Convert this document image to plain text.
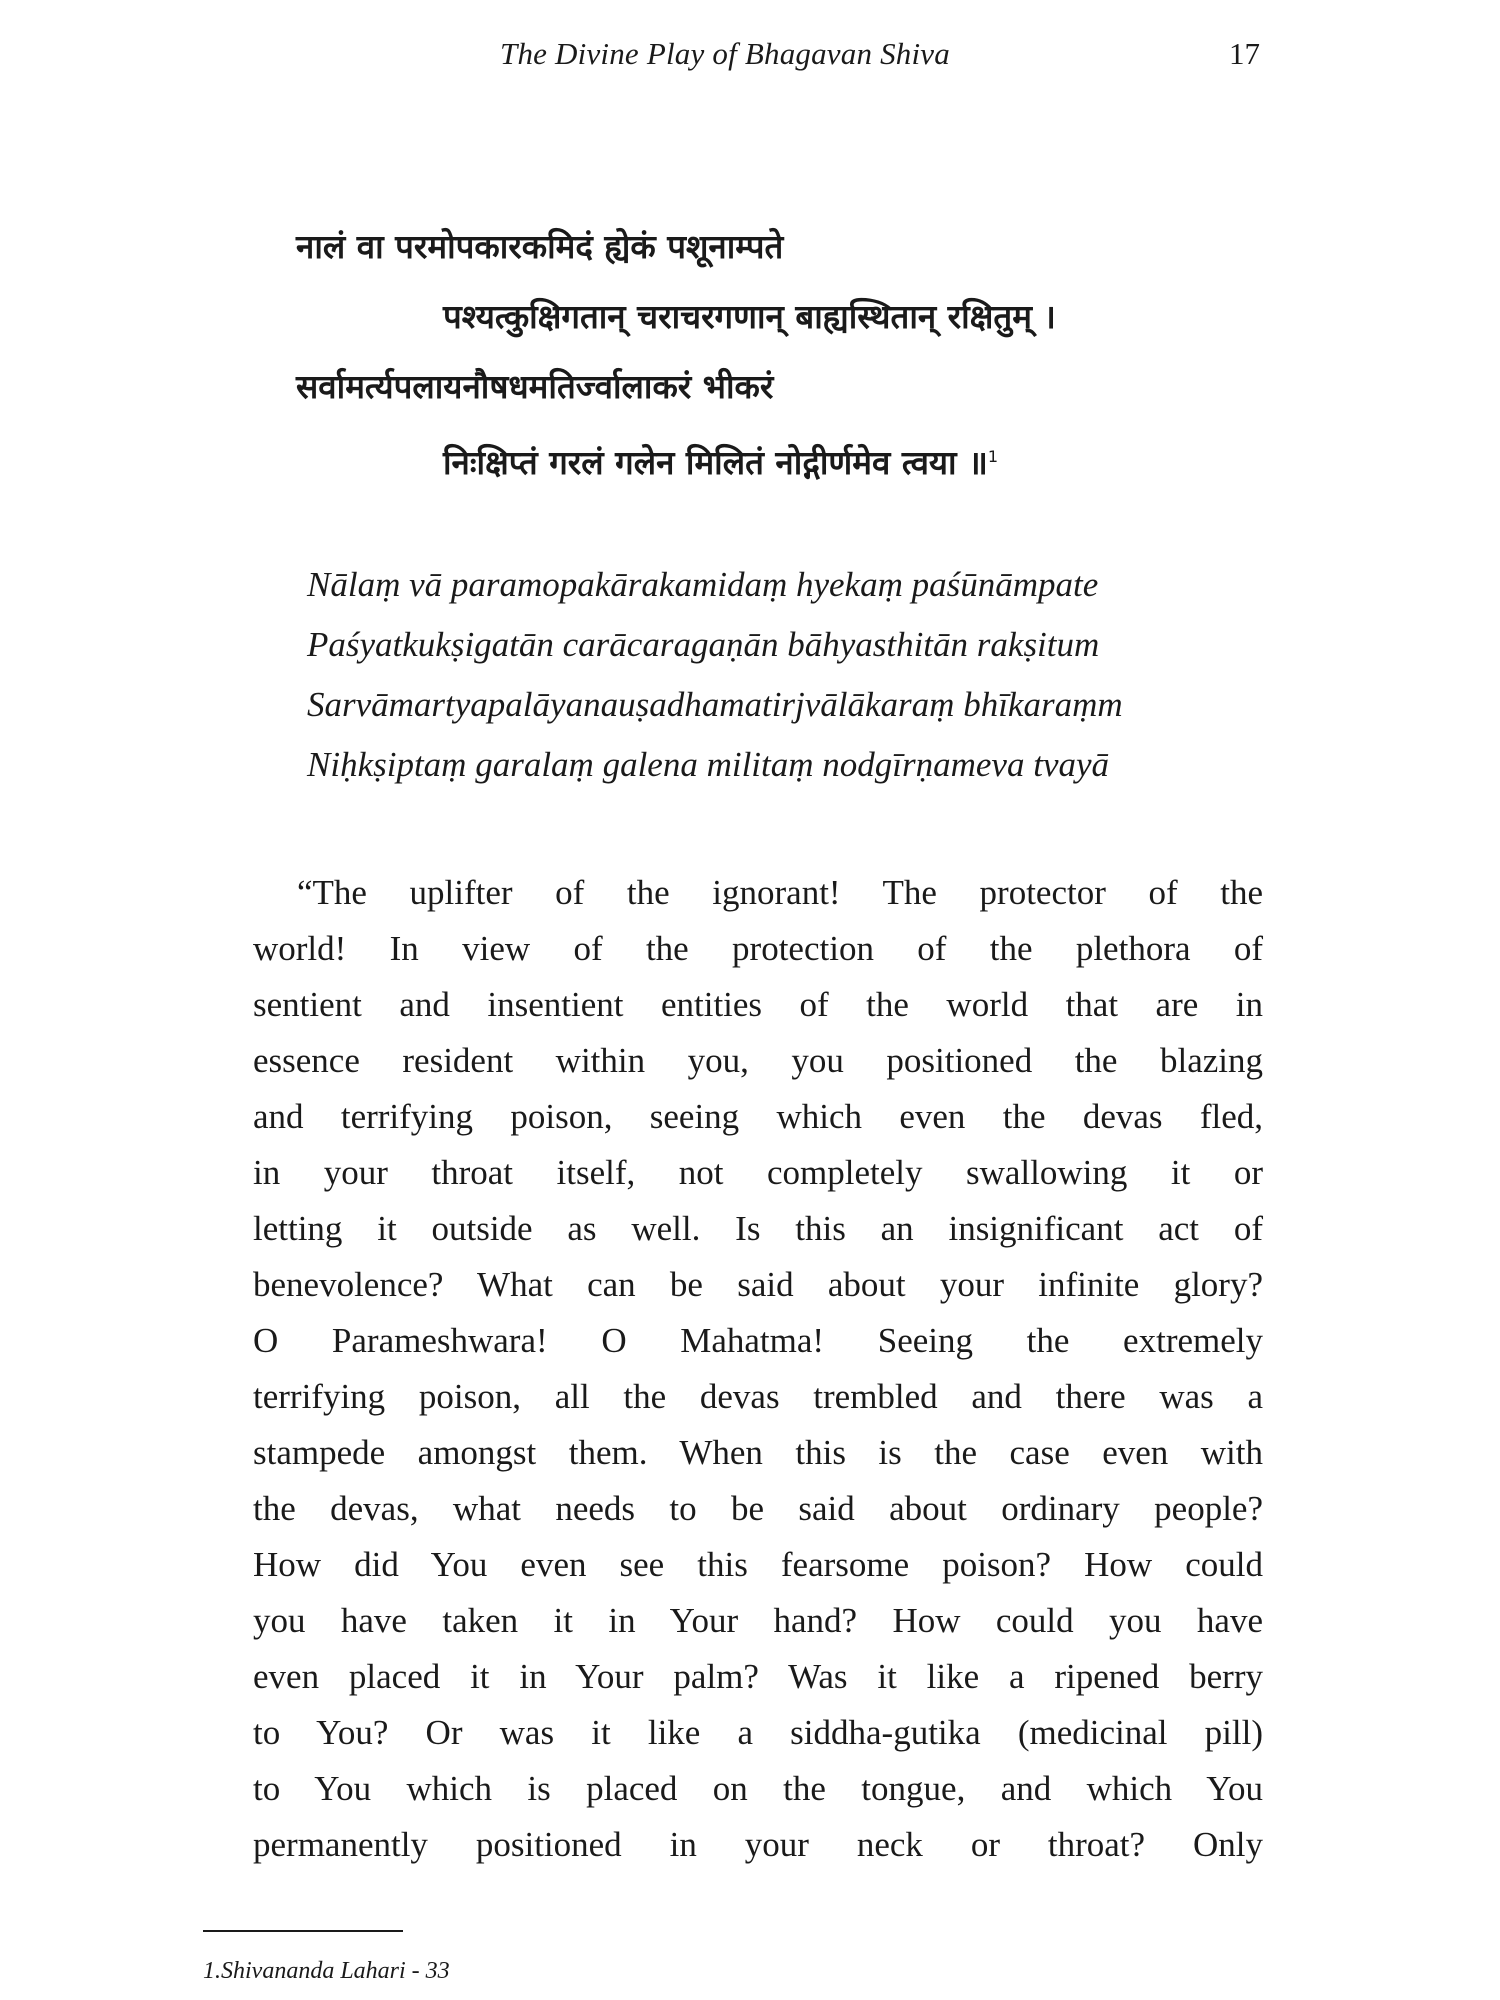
The Divine Play of Bhagavan Shiva	17
नालं वा परमोपकारकमिदं ह्येकं पशूनाम्पते
पश्यत्कुक्षिगतान् चराचरगणान् बाह्यस्थितान् रक्षितुम् ।
सर्वामर्त्यपलायनौषधमतिर्ज्वालाकरं भीकरं
निःक्षिप्तं गरलं गलेन मिलितं नोद्गीर्णमेव त्वया ॥$^1$
Nālaṃ vā paramopakārakamidaṃ hyekaṃ paśūnāmpate
Paśyatkukṣigatān carācaragaṇān bāhyasthitān rakṣitum
Sarvāmartyapalāyanauṣadhamatirjvālākaraṃ bhīkaraṃm
Niḥkṣiptaṃ garalaṃ galena militaṃ nodgīrṇameva tvayā
“The uplifter of the ignorant! The protector of the
world! In view of the protection of the plethora of
sentient and insentient entities of the world that are in
essence resident within you, you positioned the blazing
and terrifying poison, seeing which even the devas fled,
in your throat itself, not completely swallowing it or
letting it outside as well. Is this an insignificant act of
benevolence? What can be said about your infinite glory?
O Parameshwara! O Mahatma! Seeing the extremely
terrifying poison, all the devas trembled and there was a
stampede amongst them. When this is the case even with
the devas, what needs to be said about ordinary people?
How did You even see this fearsome poison? How could
you have taken it in Your hand? How could you have
even placed it in Your palm? Was it like a ripened berry
to You? Or was it like a siddha-gutika (medicinal pill)
to You which is placed on the tongue, and which You
permanently positioned in your neck or throat? Only
1.Shivananda Lahari - 33
